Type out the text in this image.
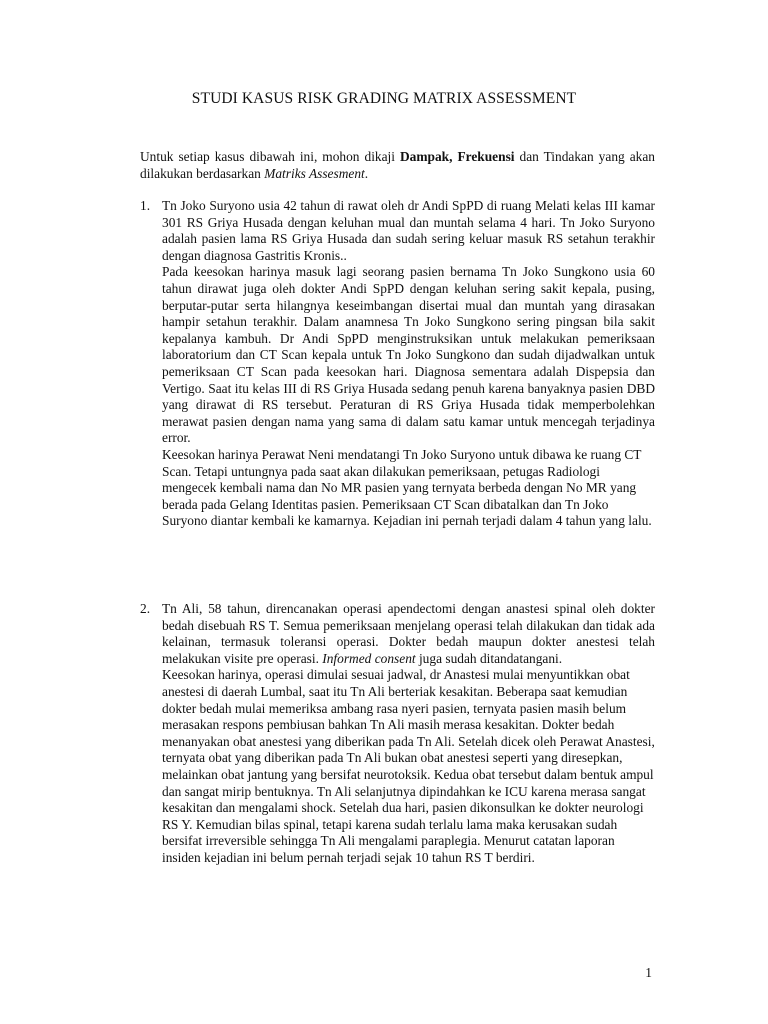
STUDI KASUS RISK GRADING MATRIX ASSESSMENT

Untuk setiap kasus dibawah ini, mohon dikaji Dampak, Frekuensi dan Tindakan yang akan dilakukan berdasarkan Matriks Assesment.

1. Tn Joko Suryono usia 42 tahun di rawat oleh dr Andi SpPD di ruang Melati kelas III kamar 301 RS Griya Husada dengan keluhan mual dan muntah selama 4 hari. Tn Joko Suryono adalah pasien lama RS Griya Husada dan sudah sering keluar masuk RS setahun terakhir dengan diagnosa Gastritis Kronis..

Pada keesokan harinya masuk lagi seorang pasien bernama Tn Joko Sungkono usia 60 tahun dirawat juga oleh dokter Andi SpPD dengan keluhan sering sakit kepala, pusing, berputar-putar serta hilangnya keseimbangan disertai mual dan muntah yang dirasakan hampir setahun terakhir. Dalam anamnesa Tn Joko Sungkono sering pingsan bila sakit kepalanya kambuh. Dr Andi SpPD menginstruksikan untuk melakukan pemeriksaan laboratorium dan CT Scan kepala untuk Tn Joko Sungkono dan sudah dijadwalkan untuk pemeriksaan CT Scan pada keesokan hari. Diagnosa sementara adalah Dispepsia dan Vertigo. Saat itu kelas III di RS Griya Husada sedang penuh karena banyaknya pasien DBD yang dirawat di RS tersebut. Peraturan di RS Griya Husada tidak memperbolehkan merawat pasien dengan nama yang sama di dalam satu kamar untuk mencegah terjadinya error.

Keesokan harinya Perawat Neni mendatangi Tn Joko Suryono untuk dibawa ke ruang CT Scan. Tetapi untungnya pada saat akan dilakukan pemeriksaan, petugas Radiologi mengecek kembali nama dan No MR pasien yang ternyata berbeda dengan No MR yang berada pada Gelang Identitas pasien. Pemeriksaan CT Scan dibatalkan dan Tn Joko Suryono diantar kembali ke kamarnya. Kejadian ini pernah terjadi dalam 4 tahun yang lalu.

2. Tn Ali, 58 tahun, direncanakan operasi apendectomi dengan anastesi spinal oleh dokter bedah disebuah RS T. Semua pemeriksaan menjelang operasi telah dilakukan dan tidak ada kelainan, termasuk toleransi operasi. Dokter bedah maupun dokter anestesi telah melakukan visite pre operasi. Informed consent juga sudah ditandatangani.

Keesokan harinya, operasi dimulai sesuai jadwal, dr Anastesi mulai menyuntikkan obat anestesi di daerah Lumbal, saat itu Tn Ali berteriak kesakitan. Beberapa saat kemudian dokter bedah mulai memeriksa ambang rasa nyeri pasien, ternyata pasien masih belum merasakan respons pembiusan bahkan Tn Ali masih merasa kesakitan. Dokter bedah menanyakan obat anestesi yang diberikan pada Tn Ali. Setelah dicek oleh Perawat Anastesi, ternyata obat yang diberikan pada Tn Ali bukan obat anestesi seperti yang diresepkan, melainkan obat jantung yang bersifat neurotoksik. Kedua obat tersebut dalam bentuk ampul dan sangat mirip bentuknya. Tn Ali selanjutnya dipindahkan ke ICU karena merasa sangat kesakitan dan mengalami shock. Setelah dua hari, pasien dikonsulkan ke dokter neurologi RS Y. Kemudian bilas spinal, tetapi karena sudah terlalu lama maka kerusakan sudah bersifat irreversible sehingga Tn Ali mengalami paraplegia. Menurut catatan laporan insiden kejadian ini belum pernah terjadi sejak 10 tahun RS T berdiri.

1
